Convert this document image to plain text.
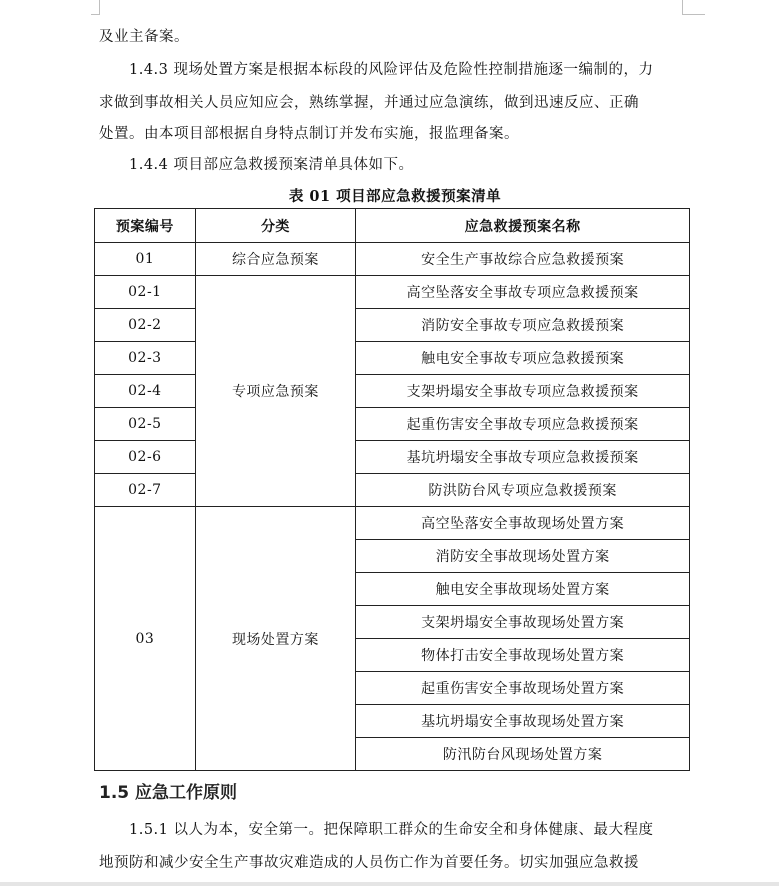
及业主备案。
1.4.3 现场处置方案是根据本标段的风险评估及危险性控制措施逐一编制的，力
求做到事故相关人员应知应会，熟练掌握，并通过应急演练，做到迅速反应、正确
处置。由本项目部根据自身特点制订并发布实施，报监理备案。
1.4.4 项目部应急救援预案清单具体如下。
表 01 项目部应急救援预案清单
预案编号	分类	应急救援预案名称
01	综合应急预案	安全生产事故综合应急救援预案
02-1	专项应急预案	高空坠落安全事故专项应急救援预案
02-2		消防安全事故专项应急救援预案
02-3		触电安全事故专项应急救援预案
02-4		支架坍塌安全事故专项应急救援预案
02-5		起重伤害安全事故专项应急救援预案
02-6		基坑坍塌安全事故专项应急救援预案
02-7		防洪防台风专项应急救援预案
03	现场处置方案	高空坠落安全事故现场处置方案
		消防安全事故现场处置方案
		触电安全事故现场处置方案
		支架坍塌安全事故现场处置方案
		物体打击安全事故现场处置方案
		起重伤害安全事故现场处置方案
		基坑坍塌安全事故现场处置方案
		防汛防台风现场处置方案
1.5 应急工作原则
1.5.1 以人为本，安全第一。把保障职工群众的生命安全和身体健康、最大程度
地预防和减少安全生产事故灾难造成的人员伤亡作为首要任务。切实加强应急救援
